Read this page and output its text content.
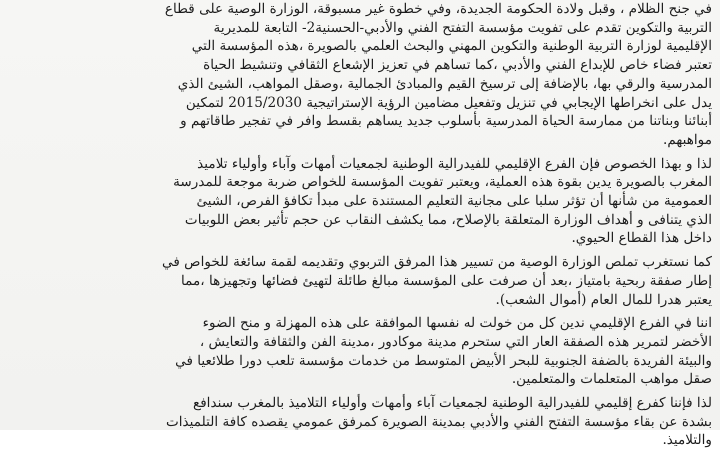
في جنح الظلام ، وقبل ولادة الحكومة الجديدة، وفي خطوة غير مسبوقة، الوزارة الوصية على قطاع
التربية والتكوين تقدم على تفويت مؤسسة التفتح الفني والأدبي-الحسنية2- التابعة للمديرية
الإقليمية لوزارة التربية الوطنية والتكوين المهني والبحث العلمي بالصويرة ،هذه المؤسسة التي
تعتبر فضاء خاص للإبداع الفني والأدبي ،كما تساهم في تعزيز الإشعاع الثقافي وتنشيط الحياة
المدرسية والرقي بها، بالإضافة إلى ترسيخ القيم والمبادئ الجمالية ،وصقل المواهب، الشيئ الذي
يدل على انخراطها الإيجابي في تنزيل وتفعيل مضامين الرؤية الإستراتيجية 2015/2030 لتمكين
أبنائنا وبناتنا من ممارسة الحياة المدرسية بأسلوب جديد يساهم بقسط وافر في تفجير طاقاتهم و
مواهبهم.

لذا و بهذا الخصوص فإن الفرع الإقليمي للفيدرالية الوطنية لجمعيات أمهات وآباء وأولياء تلاميذ
المغرب بالصويرة يدين بقوة هذه العملية، ويعتبر تفويت المؤسسة للخواص ضربة موجعة للمدرسة
العمومية من شأنها أن تؤثر سلبا على مجانية التعليم المستندة على مبدأ تكافؤ الفرص، الشيئ
الذي يتنافى و أهداف الوزارة المتعلقة بالإصلاح، مما يكشف النقاب عن حجم تأثير بعض اللوبيات
داخل هذا القطاع الحيوي.

كما نستغرب تملص الوزارة الوصية من تسيير هذا المرفق التربوي وتقديمه لقمة سائغة للخواص في
إطار صفقة ربحية بامتياز ،بعد أن صرفت على المؤسسة مبالغ طائلة لتهيئ فضائها وتجهيزها ،مما
يعتبر هدرا للمال العام (أموال الشعب).

اننا في الفرع الإقليمي ندين كل من خولت له نفسها الموافقة على هذه المهزلة و منح الضوء
الأخضر لتمرير هذه الصفقة العار التي ستحرم مدينة موكادور ،مدينة الفن والثقافة والتعايش ،
والبيئة الفريدة بالضفة الجنوبية للبحر الأبيض المتوسط من خدمات مؤسسة تلعب دورا طلائعيا في
صقل مواهب المتعلمات والمتعلمين.

لذا فإننا كفرع إقليمي للفيدرالية الوطنية لجمعيات آباء وأمهات وأولياء التلاميذ بالمغرب سندافع
بشدة عن بقاء مؤسسة التفتح الفني والأدبي بمدينة الصويرة كمرفق عمومي يقصده كافة التلميذات
والتلاميذ.
